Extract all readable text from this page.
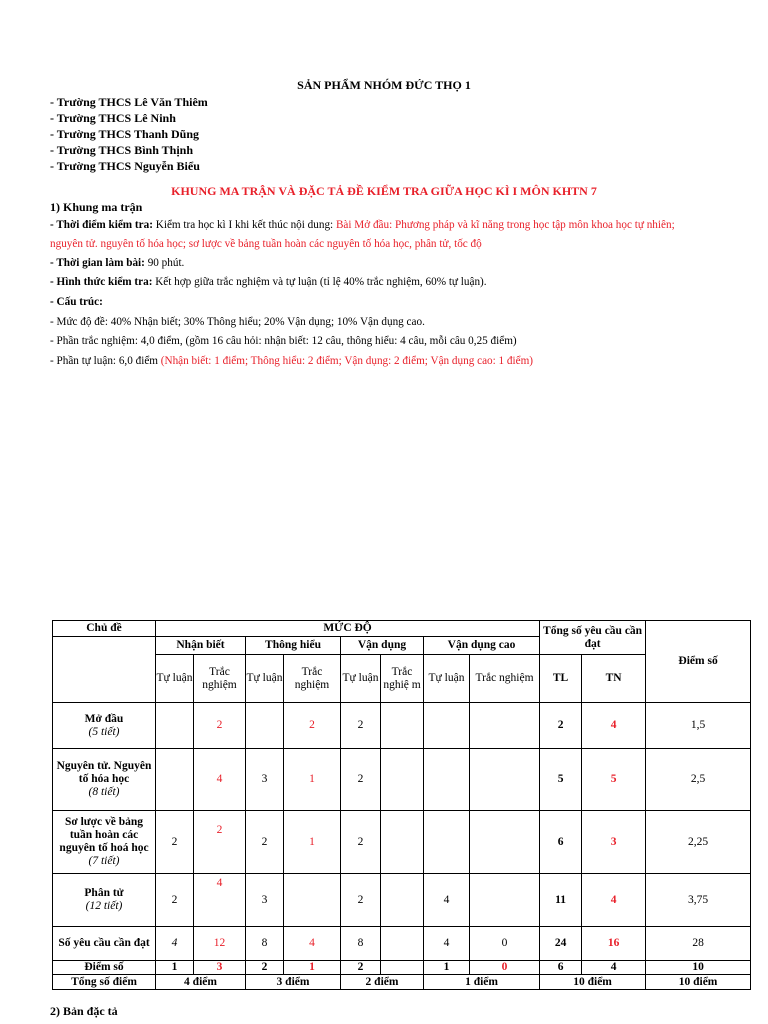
SẢN PHẨM NHÓM ĐỨC THỌ 1
- Trường THCS Lê Văn Thiêm
- Trường THCS Lê Ninh
- Trường THCS Thanh Dũng
- Trường THCS Bình Thịnh
- Trường THCS Nguyễn Biểu
KHUNG MA TRẬN VÀ ĐẶC TẢ ĐỀ KIỂM TRA GIỮA HỌC KÌ I MÔN KHTN 7
1) Khung ma trận
- Thời điểm kiểm tra: Kiểm tra học kì I khi kết thúc nội dung: Bài Mở đầu: Phương pháp và kĩ năng trong học tập môn khoa học tự nhiên;
nguyên tử. nguyên tố hóa học; sơ lược về bảng tuần hoàn các nguyên tố hóa học, phân tử, tốc độ
- Thời gian làm bài: 90 phút.
- Hình thức kiểm tra: Kết hợp giữa trắc nghiệm và tự luận (tỉ lệ 40% trắc nghiệm, 60% tự luận).
- Cấu trúc:
- Mức độ đề: 40% Nhận biết; 30% Thông hiểu; 20% Vận dụng; 10% Vận dụng cao.
- Phần trắc nghiệm: 4,0 điểm, (gồm 16 câu hỏi: nhận biết: 12 câu, thông hiểu: 4 câu, mỗi câu 0,25 điểm)
- Phần tự luận: 6,0 điểm (Nhận biết: 1 điểm; Thông hiểu: 2 điểm; Vận dụng: 2 điểm; Vận dụng cao: 1 điểm)
Chủ đề	MỨC ĐỘ								Tổng số yêu cầu cần đạt		Điểm số
	Nhận biết		Thông hiểu		Vận dụng		Vận dụng cao				
	Tự luận	Trắc nghiệm	Tự luận	Trắc nghiệm	Tự luận	Trắc nghiệ m	Tự luận	Trắc nghiệm	TL	TN	
Mở đầu
(5 tiết)		2		2	2				2	4	1,5
Nguyên tử. Nguyên tố hóa học
(8 tiết)		4	3	1	2				5	5	2,5
Sơ lược về bảng tuần hoàn các nguyên tố hoá học
(7 tiết)	2	2	2	1	2				6	3	2,25
Phân tử
(12 tiết)	2	4	3		2		4		11	4	3,75
Số yêu cầu cần đạt	4	12	8	4	8		4	0	24	16	28
Điểm số	1	3	2	1	2		1	0	6	4	10
Tổng số điểm	4 điểm		3 điểm		2 điểm		1 điểm		10 điểm		10 điểm
2) Bản đặc tả
